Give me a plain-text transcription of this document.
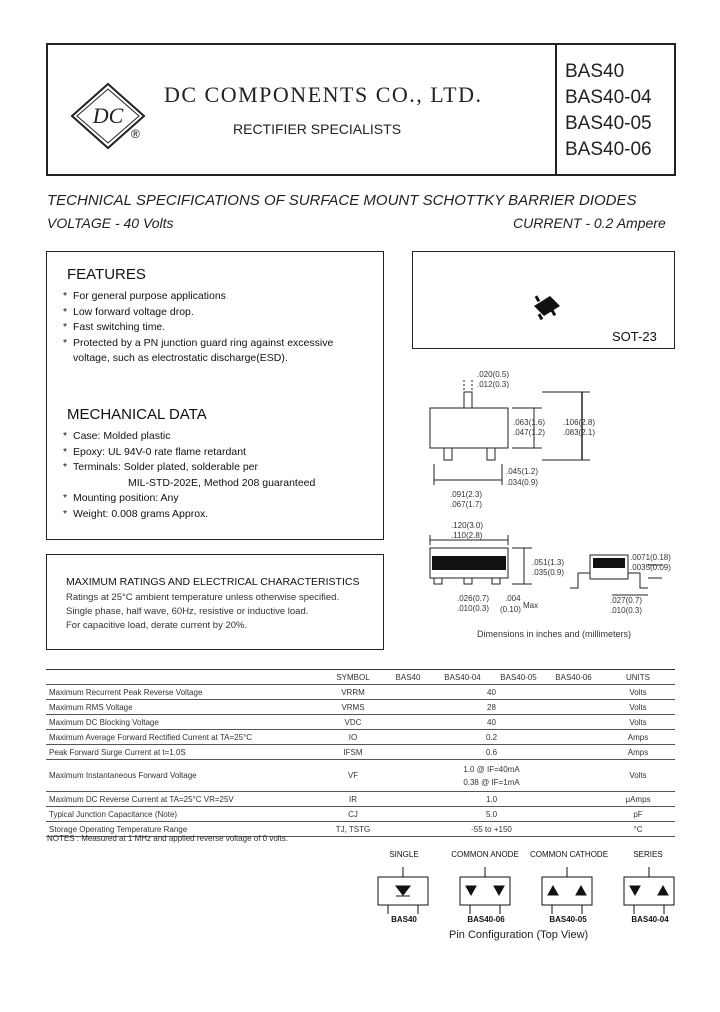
DC
®
DC COMPONENTS CO., LTD.
RECTIFIER SPECIALISTS
BAS40
BAS40-04
BAS40-05
BAS40-06
TECHNICAL SPECIFICATIONS OF SURFACE MOUNT SCHOTTKY BARRIER DIODES
VOLTAGE - 40 Volts	CURRENT - 0.2 Ampere
FEATURES
* For general purpose applications
* Low forward voltage drop.
* Fast switching time.
* Protected by a PN junction guard ring against excessive
voltage, such as electrostatic discharge(ESD).
MECHANICAL DATA
* Case: Molded plastic
* Epoxy: UL 94V-0 rate flame retardant
* Terminals: Solder plated, solderable per
MIL-STD-202E, Method 208 guaranteed
* Mounting position: Any
* Weight: 0.008 grams Approx.
MAXIMUM RATINGS AND ELECTRICAL CHARACTERISTICS
Ratings at 25°C ambient temperature unless otherwise specified.
Single phase, half wave, 60Hz, resistive or inductive load.
For capacitive load, derate current by 20%.
SOT-23
.020(0.5)
.012(0.3)
.063(1.6)
.047(1.2)
.106(2.8)
.083(2.1)
.045(1.2)
.034(0.9)
.091(2.3)
.067(1.7)
.120(3.0)
.110(2.8)
.051(1.3)
.035(0.9)
.0071(0.18)
.0035(0.09)
.026(0.7)
.010(0.3)
.004
(0.10) Max
.027(0.7)
.010(0.3)
Dimensions in inches and (millimeters)
	SYMBOL	BAS40	BAS40-04	BAS40-05	BAS40-06	UNITS
Maximum Recurrent Peak Reverse Voltage	VRRM	40				Volts
Maximum RMS Voltage	VRMS	28				Volts
Maximum DC Blocking Voltage	VDC	40				Volts
Maximum Average Forward Rectified Current at TA=25°C	IO	0.2				Amps
Peak Forward Surge Current at t=1.0S	IFSM	0.6				Amps
Maximum Instantaneous Forward Voltage	VF	1.0 @ IF=40mA
0.38 @ IF=1mA				Volts
Maximum DC Reverse Current at TA=25°C VR=25V	IR	1.0				μAmps
Typical Junction Capacitance (Note)	CJ	5.0				pF
Storage Operating Temperature Range	TJ, TSTG	-55 to +150				°C
NOTES : Measured at 1 MHz and applied reverse voltage of 0 volts.
SINGLE	COMMON ANODE	COMMON CATHODE	SERIES
BAS40	BAS40-06	BAS40-05	BAS40-04
Pin Configuration (Top View)
